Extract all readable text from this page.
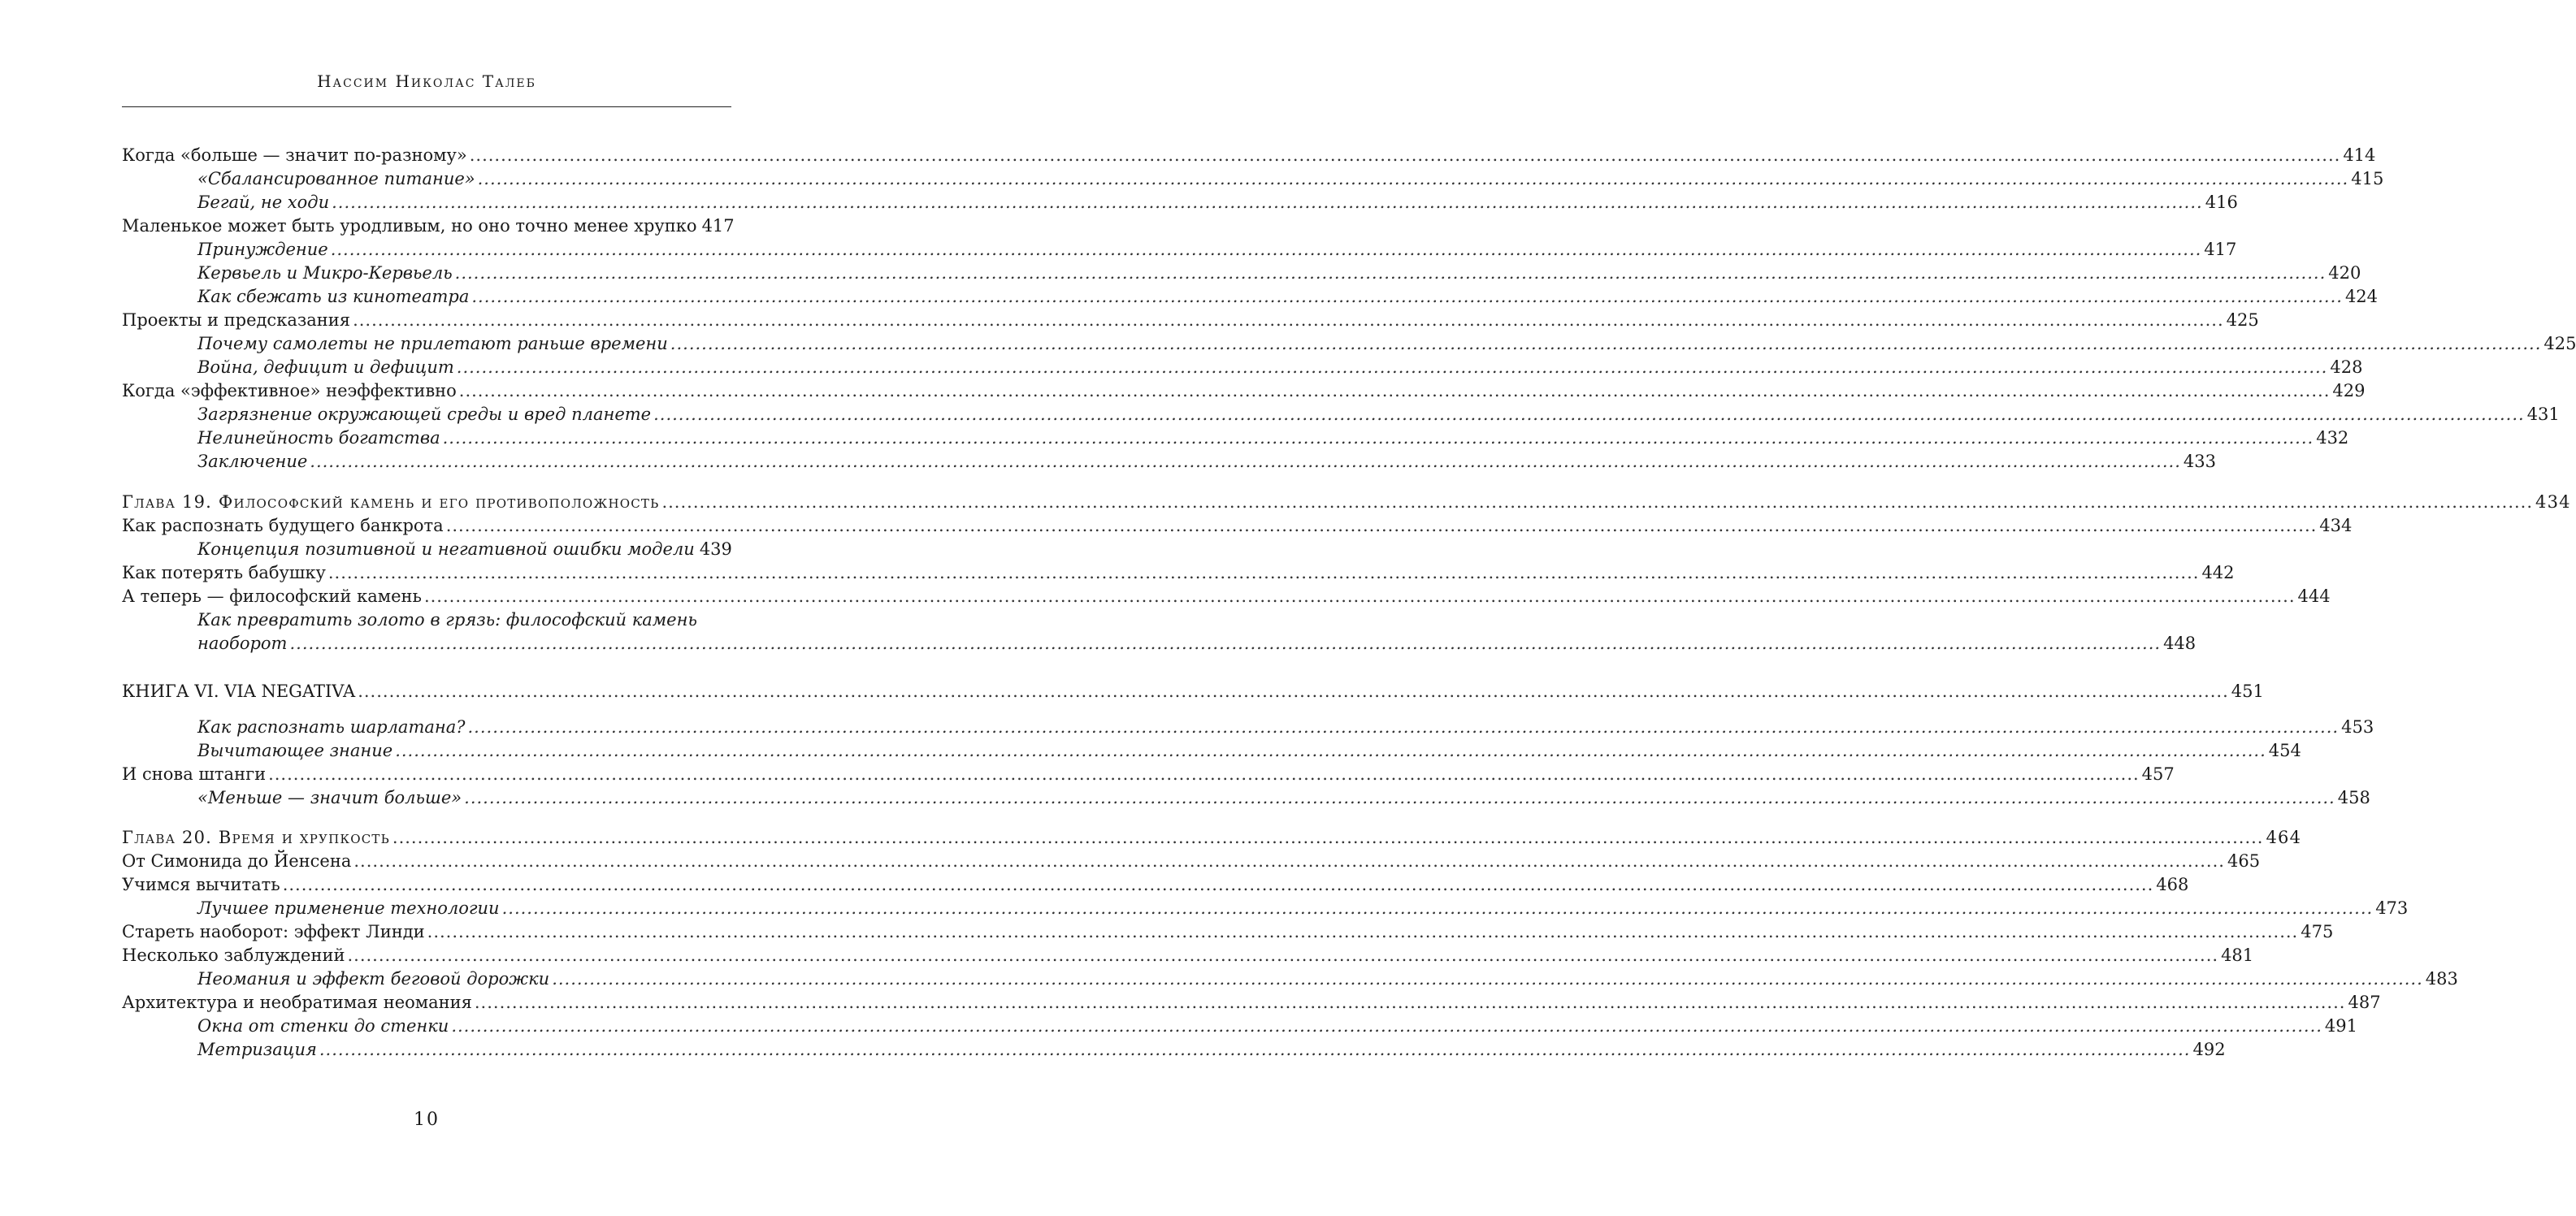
Нассим Николас Талеб
Когда «больше — значит по-разному» ............................................................................................................................................................................................................................................................................................................ 414
«Сбалансированное питание» ............................................................................................................................................................................................................................................................................................................ 415
Бегай, не ходи ............................................................................................................................................................................................................................................................................................................ 416
Маленькое может быть уродливым, но оно точно менее хрупко 417
Принуждение ............................................................................................................................................................................................................................................................................................................ 417
Кервьель и Микро-Кервьель ............................................................................................................................................................................................................................................................................................................ 420
Как сбежать из кинотеатра ............................................................................................................................................................................................................................................................................................................ 424
Проекты и предсказания ............................................................................................................................................................................................................................................................................................................ 425
Почему самолеты не прилетают раньше времени ............................................................................................................................................................................................................................................................................................................ 425
Война, дефицит и дефицит ............................................................................................................................................................................................................................................................................................................ 428
Когда «эффективное» неэффективно ............................................................................................................................................................................................................................................................................................................ 429
Загрязнение окружающей среды и вред планете ............................................................................................................................................................................................................................................................................................................ 431
Нелинейность богатства ............................................................................................................................................................................................................................................................................................................ 432
Заключение ............................................................................................................................................................................................................................................................................................................ 433
Глава 19. Философский камень и его противоположность ............................................................................................................................................................................................................................................................................................................ 434
Как распознать будущего банкрота ............................................................................................................................................................................................................................................................................................................ 434
Концепция позитивной и негативной ошибки модели 439
Как потерять бабушку ............................................................................................................................................................................................................................................................................................................ 442
А теперь — философский камень ............................................................................................................................................................................................................................................................................................................ 444
Как превратить золото в грязь: философский камень
наоборот ............................................................................................................................................................................................................................................................................................................ 448
КНИГА VI. VIA NEGATIVA ............................................................................................................................................................................................................................................................................................................ 451
Как распознать шарлатана? ............................................................................................................................................................................................................................................................................................................ 453
Вычитающее знание ............................................................................................................................................................................................................................................................................................................ 454
И снова штанги ............................................................................................................................................................................................................................................................................................................ 457
«Меньше — значит больше» ............................................................................................................................................................................................................................................................................................................ 458
Глава 20. Время и хрупкость ............................................................................................................................................................................................................................................................................................................ 464
От Симонида до Йенсена ............................................................................................................................................................................................................................................................................................................ 465
Учимся вычитать ............................................................................................................................................................................................................................................................................................................ 468
Лучшее применение технологии ............................................................................................................................................................................................................................................................................................................ 473
Стареть наоборот: эффект Линди ............................................................................................................................................................................................................................................................................................................ 475
Несколько заблуждений ............................................................................................................................................................................................................................................................................................................ 481
Неомания и эффект беговой дорожки ............................................................................................................................................................................................................................................................................................................ 483
Архитектура и необратимая неомания ............................................................................................................................................................................................................................................................................................................ 487
Окна от стенки до стенки ............................................................................................................................................................................................................................................................................................................ 491
Метризация ............................................................................................................................................................................................................................................................................................................ 492
10
